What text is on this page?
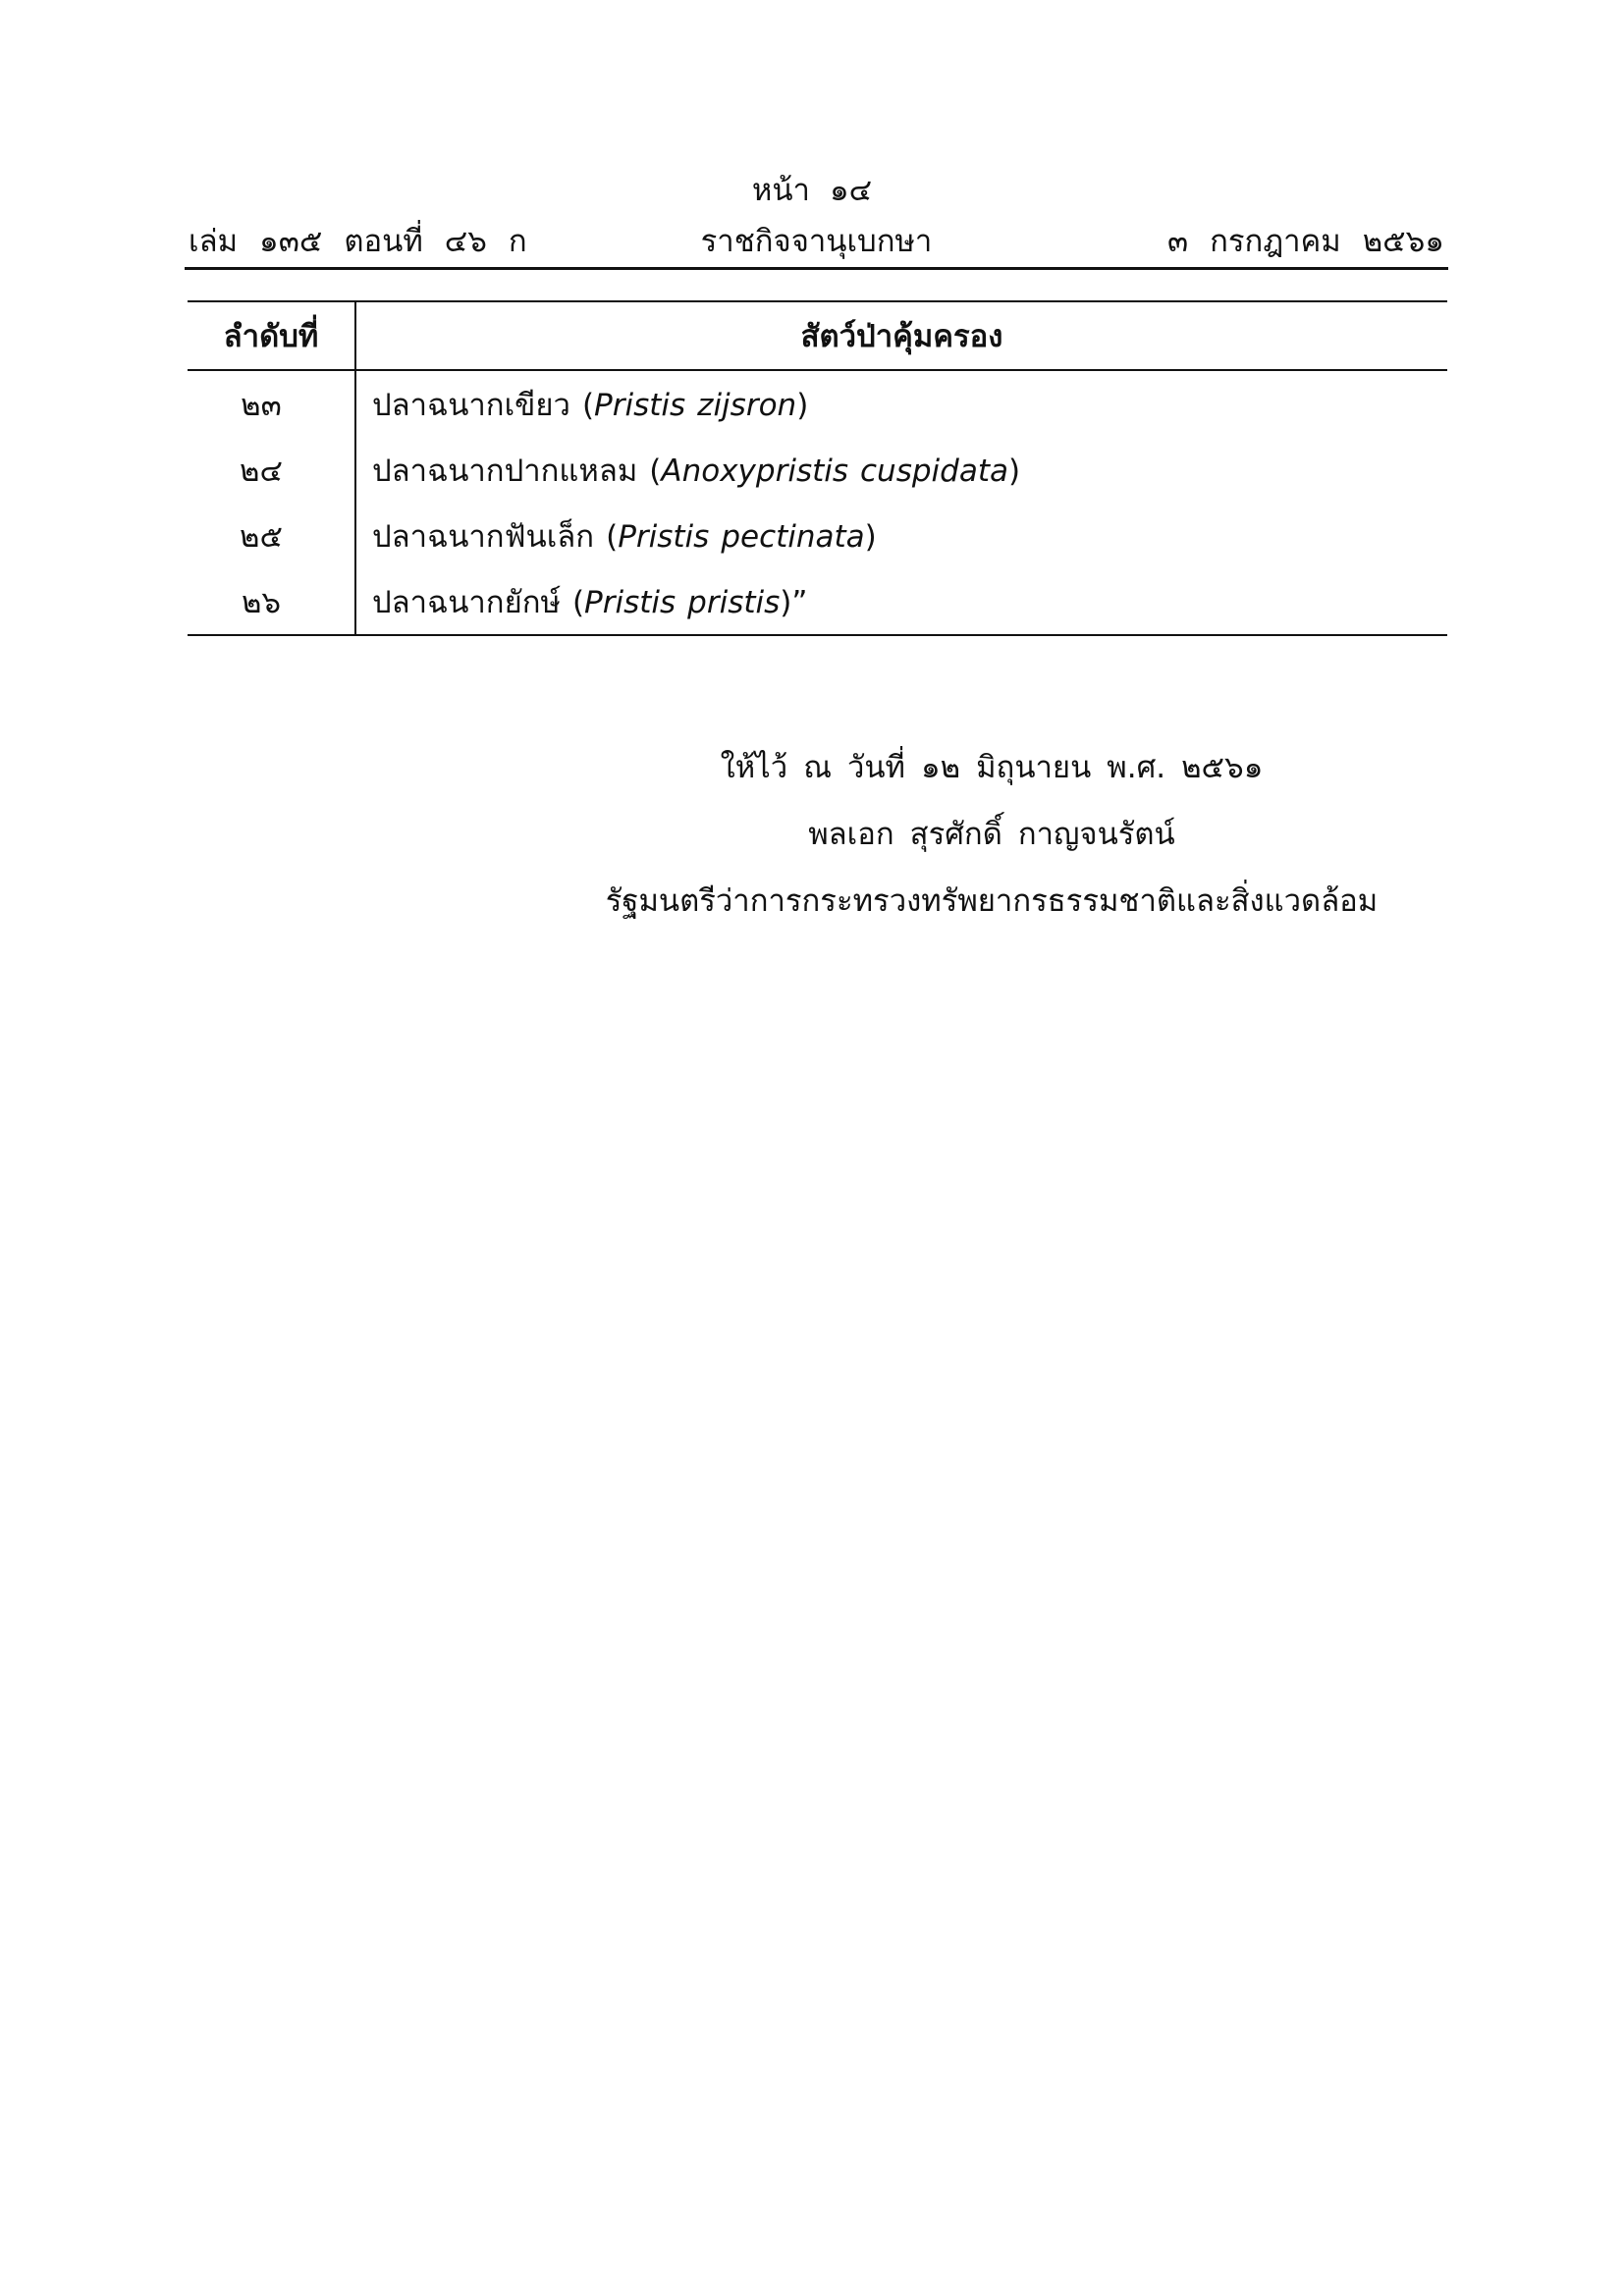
หน้า ๑๔
เล่ม ๑๓๕ ตอนที่ ๔๖ ก	ราชกิจจานุเบกษา	๓ กรกฎาคม ๒๕๖๑
ลำดับที่	สัตว์ป่าคุ้มครอง
๒๓	ปลาฉนากเขียว (Pristis zijsron)
๒๔	ปลาฉนากปากแหลม (Anoxypristis cuspidata)
๒๕	ปลาฉนากฟันเล็ก (Pristis pectinata)
๒๖	ปลาฉนากยักษ์ (Pristis pristis)”
ให้ไว้ ณ วันที่ ๑๒ มิถุนายน พ.ศ. ๒๕๖๑
พลเอก สุรศักดิ์ กาญจนรัตน์
รัฐมนตรีว่าการกระทรวงทรัพยากรธรรมชาติและสิ่งแวดล้อม
